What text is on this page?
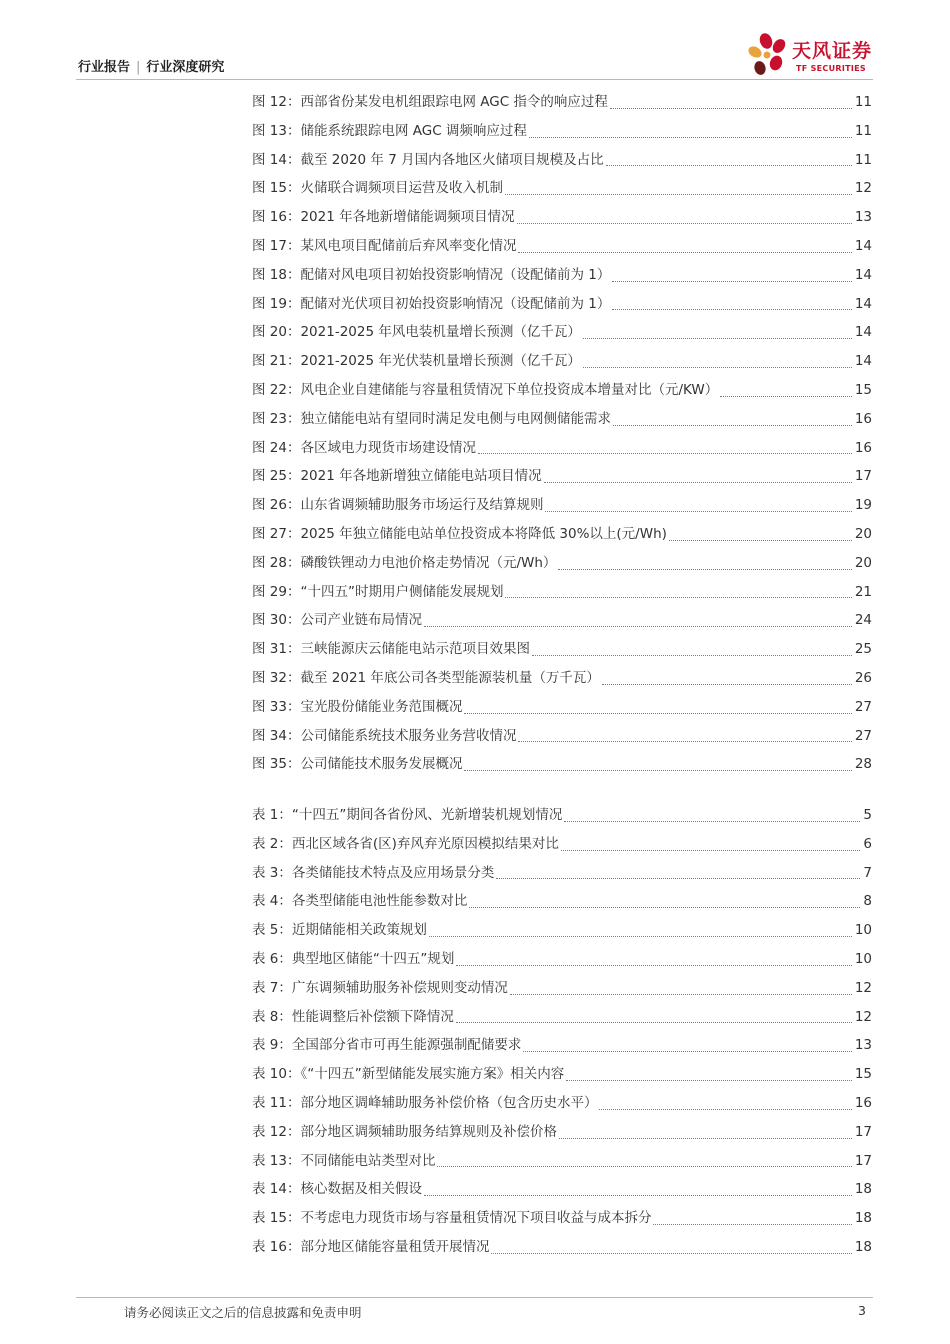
行业报告 | 行业深度研究
天风证券
TF SECURITIES
图 12：西部省份某发电机组跟踪电网 AGC 指令的响应过程	11
图 13：储能系统跟踪电网 AGC 调频响应过程	11
图 14：截至 2020 年 7 月国内各地区火储项目规模及占比	11
图 15：火储联合调频项目运营及收入机制	12
图 16：2021 年各地新增储能调频项目情况	13
图 17：某风电项目配储前后弃风率变化情况	14
图 18：配储对风电项目初始投资影响情况（设配储前为 1）	14
图 19：配储对光伏项目初始投资影响情况（设配储前为 1）	14
图 20：2021-2025 年风电装机量增长预测（亿千瓦）	14
图 21：2021-2025 年光伏装机量增长预测（亿千瓦）	14
图 22：风电企业自建储能与容量租赁情况下单位投资成本增量对比（元/KW）	15
图 23：独立储能电站有望同时满足发电侧与电网侧储能需求	16
图 24：各区域电力现货市场建设情况	16
图 25：2021 年各地新增独立储能电站项目情况	17
图 26：山东省调频辅助服务市场运行及结算规则	19
图 27：2025 年独立储能电站单位投资成本将降低 30%以上(元/Wh)	20
图 28：磷酸铁锂动力电池价格走势情况（元/Wh）	20
图 29：“十四五”时期用户侧储能发展规划	21
图 30：公司产业链布局情况	24
图 31：三峡能源庆云储能电站示范项目效果图	25
图 32：截至 2021 年底公司各类型能源装机量（万千瓦）	26
图 33：宝光股份储能业务范围概况	27
图 34：公司储能系统技术服务业务营收情况	27
图 35：公司储能技术服务发展概况	28
表 1：“十四五”期间各省份风、光新增装机规划情况	5
表 2：西北区域各省(区)弃风弃光原因模拟结果对比	6
表 3：各类储能技术特点及应用场景分类	7
表 4：各类型储能电池性能参数对比	8
表 5：近期储能相关政策规划	10
表 6：典型地区储能“十四五”规划	10
表 7：广东调频辅助服务补偿规则变动情况	12
表 8：性能调整后补偿额下降情况	12
表 9：全国部分省市可再生能源强制配储要求	13
表 10：《“十四五”新型储能发展实施方案》相关内容	15
表 11：部分地区调峰辅助服务补偿价格（包含历史水平）	16
表 12：部分地区调频辅助服务结算规则及补偿价格	17
表 13：不同储能电站类型对比	17
表 14：核心数据及相关假设	18
表 15：不考虑电力现货市场与容量租赁情况下项目收益与成本拆分	18
表 16：部分地区储能容量租赁开展情况	18
请务必阅读正文之后的信息披露和免责申明	3
